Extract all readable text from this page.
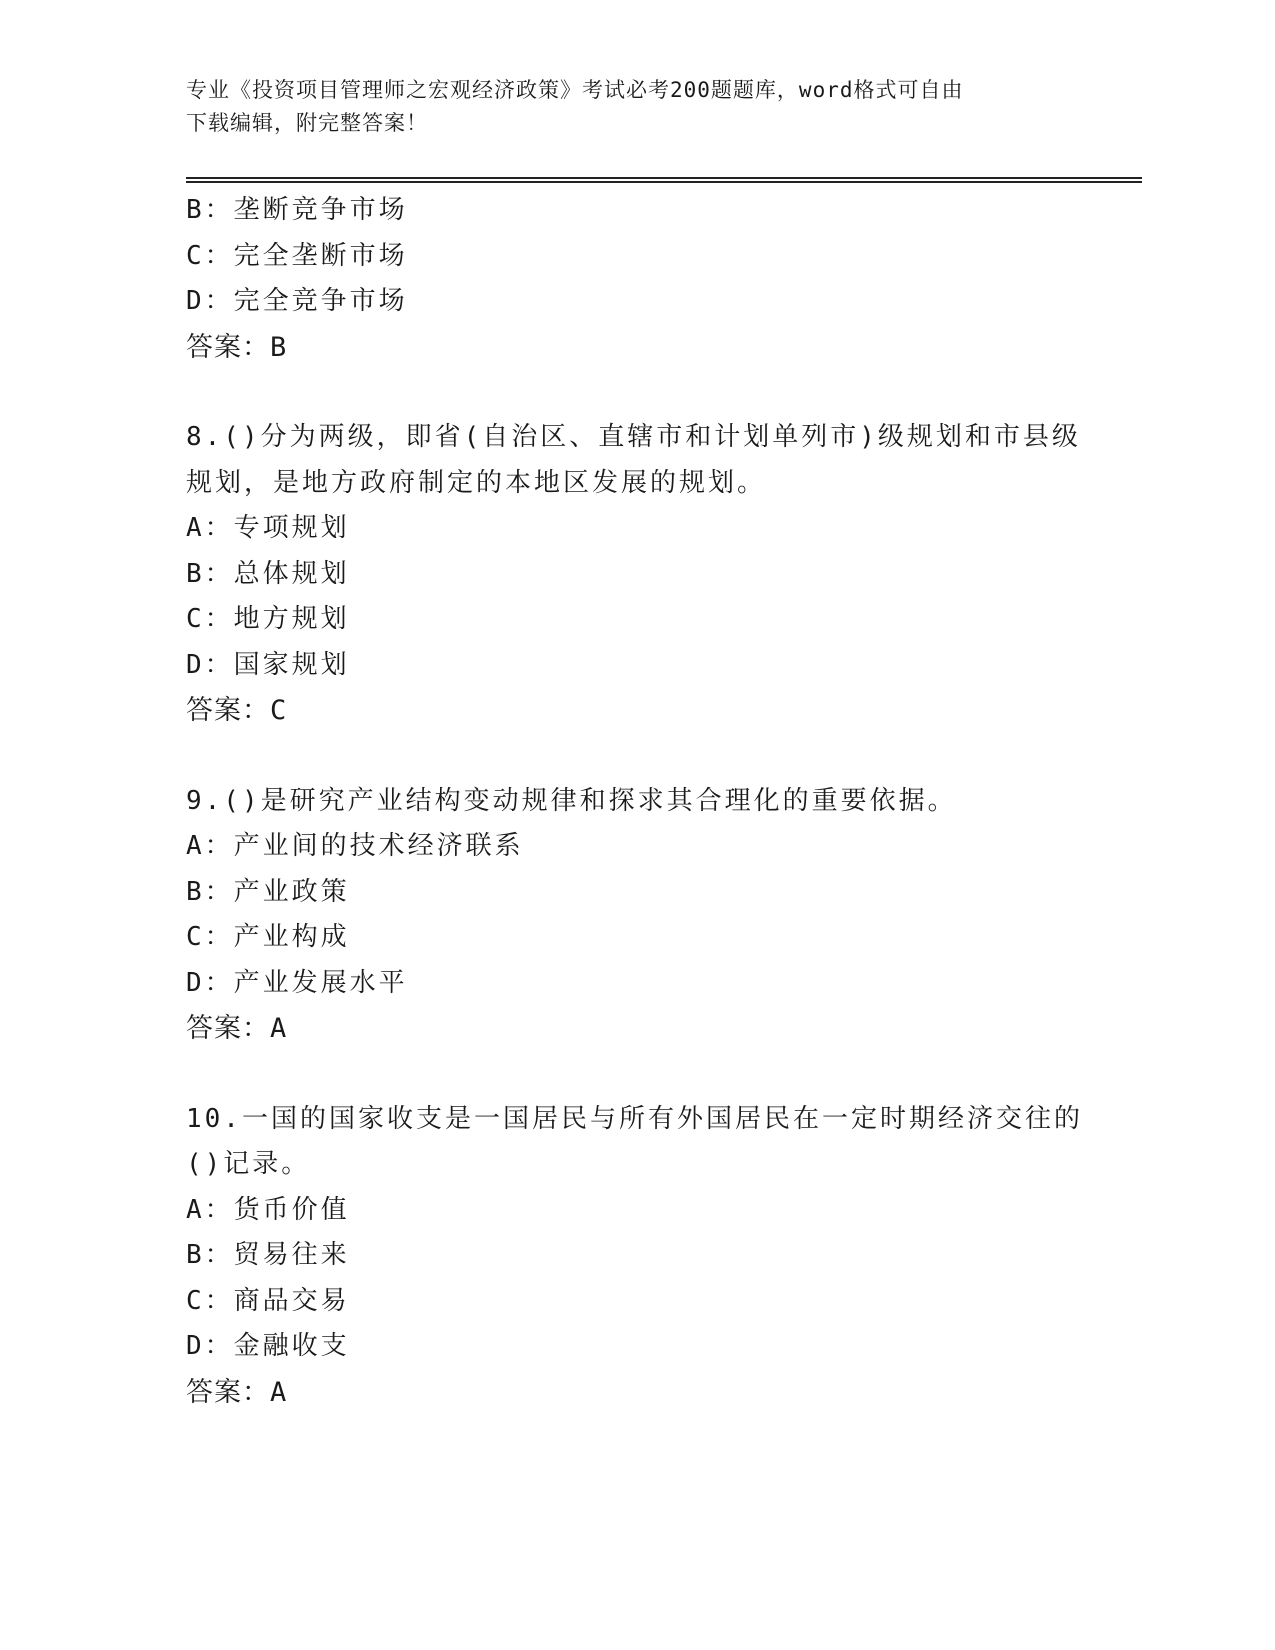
专业《投资项目管理师之宏观经济政策》考试必考200题题库，word格式可自由
下载编辑，附完整答案！
B：垄断竞争市场
C：完全垄断市场
D：完全竞争市场
答案：B
8.()分为两级，即省(自治区、直辖市和计划单列市)级规划和市县级
规划，是地方政府制定的本地区发展的规划。
A：专项规划
B：总体规划
C：地方规划
D：国家规划
答案：C
9.()是研究产业结构变动规律和探求其合理化的重要依据。
A：产业间的技术经济联系
B：产业政策
C：产业构成
D：产业发展水平
答案：A
10.一国的国家收支是一国居民与所有外国居民在一定时期经济交往的
()记录。
A：货币价值
B：贸易往来
C：商品交易
D：金融收支
答案：A
